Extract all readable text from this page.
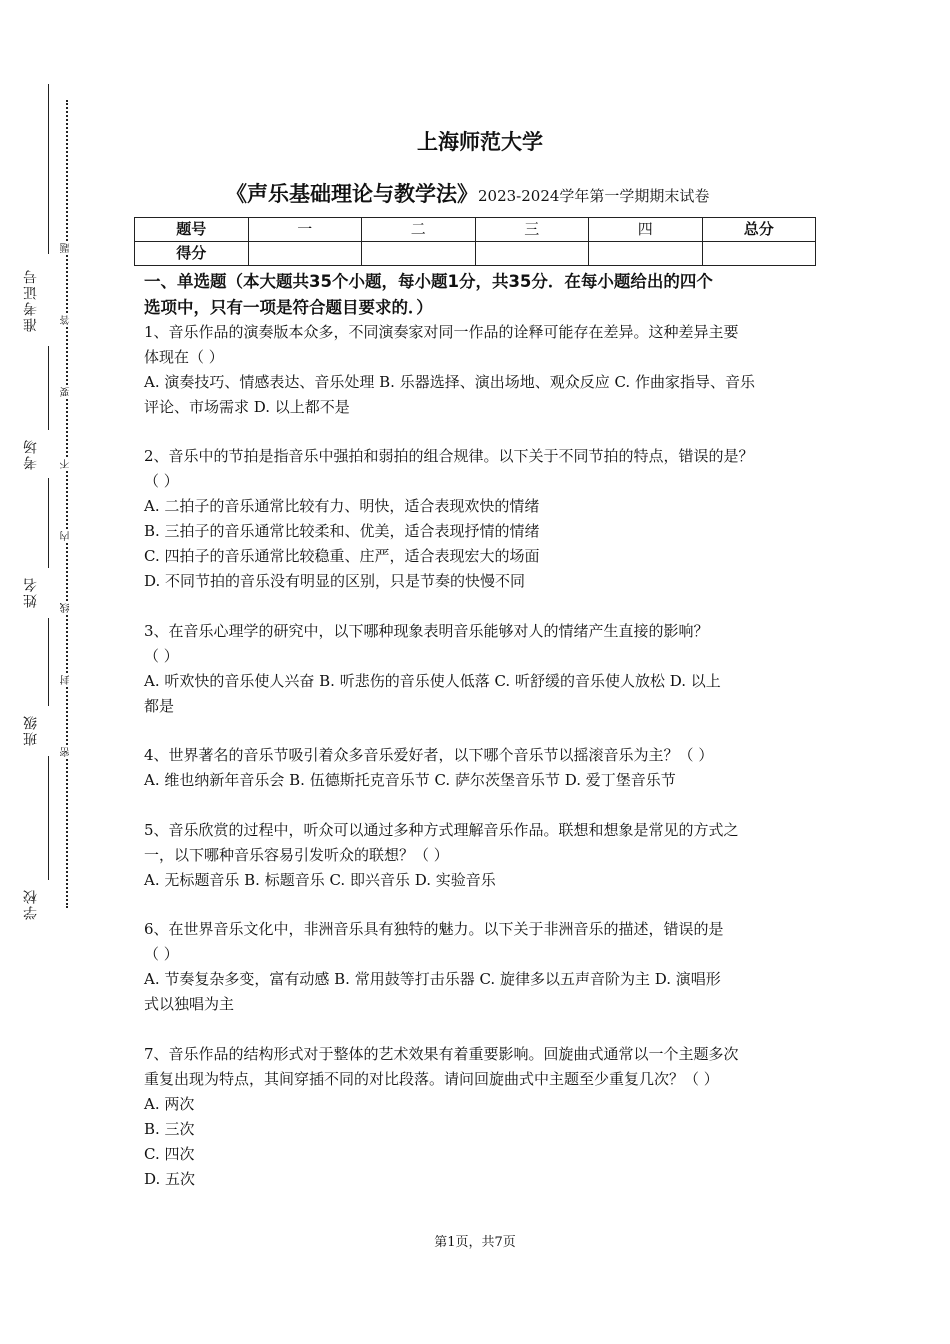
准考证号
考场
姓名
班级
学校
题
答
要
不
内
线
封
密
上海师范大学
《声乐基础理论与教学法》2023-2024学年第一学期期末试卷
题号	一	二	三	四	总分
得分					
一、单选题（本大题共35个小题，每小题1分，共35分．在每小题给出的四个
选项中，只有一项是符合题目要求的．）
1、音乐作品的演奏版本众多，不同演奏家对同一作品的诠释可能存在差异。这种差异主要
体现在（ ）
A. 演奏技巧、情感表达、音乐处理 B. 乐器选择、演出场地、观众反应 C. 作曲家指导、音乐
评论、市场需求 D. 以上都不是
2、音乐中的节拍是指音乐中强拍和弱拍的组合规律。以下关于不同节拍的特点，错误的是？
（ ）
A. 二拍子的音乐通常比较有力、明快，适合表现欢快的情绪
B. 三拍子的音乐通常比较柔和、优美，适合表现抒情的情绪
C. 四拍子的音乐通常比较稳重、庄严，适合表现宏大的场面
D. 不同节拍的音乐没有明显的区别，只是节奏的快慢不同
3、在音乐心理学的研究中，以下哪种现象表明音乐能够对人的情绪产生直接的影响？
（ ）
A. 听欢快的音乐使人兴奋 B. 听悲伤的音乐使人低落 C. 听舒缓的音乐使人放松 D. 以上
都是
4、世界著名的音乐节吸引着众多音乐爱好者，以下哪个音乐节以摇滚音乐为主？（ ）
A. 维也纳新年音乐会 B. 伍德斯托克音乐节 C. 萨尔茨堡音乐节 D. 爱丁堡音乐节
5、音乐欣赏的过程中，听众可以通过多种方式理解音乐作品。联想和想象是常见的方式之
一，以下哪种音乐容易引发听众的联想？（ ）
A. 无标题音乐 B. 标题音乐 C. 即兴音乐 D. 实验音乐
6、在世界音乐文化中，非洲音乐具有独特的魅力。以下关于非洲音乐的描述，错误的是
（ ）
A. 节奏复杂多变，富有动感 B. 常用鼓等打击乐器 C. 旋律多以五声音阶为主 D. 演唱形
式以独唱为主
7、音乐作品的结构形式对于整体的艺术效果有着重要影响。回旋曲式通常以一个主题多次
重复出现为特点，其间穿插不同的对比段落。请问回旋曲式中主题至少重复几次？（ ）
A. 两次
B. 三次
C. 四次
D. 五次
第1页，共7页
